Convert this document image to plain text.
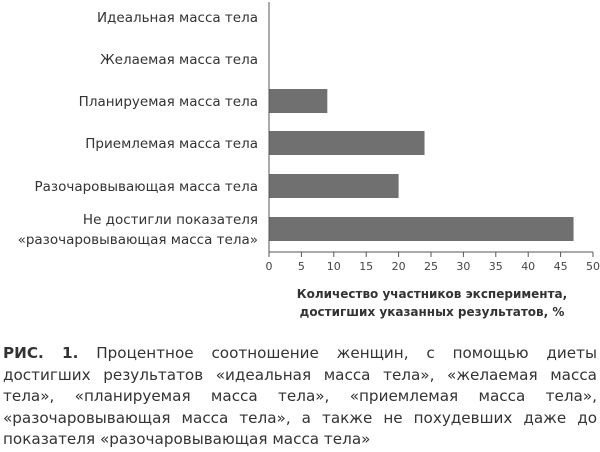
Идеальная масса тела
Желаемая масса тела
Планируемая масса тела
Приемлемая масса тела
Разочаровывающая масса тела
Не достигли показателя
«разочаровывающая масса тела»
0 5 10 15 20 25 30 35 40 45 50
Количество участников эксперимента,
достигших указанных результатов, %
РИС. 1. Процентное соотношение женщин, с помощью диеты достигших результатов «идеальная масса тела», «желаемая масса тела», «планируемая масса тела», «приемлемая масса тела», «разочаровывающая масса тела», а также не похудевших даже до показателя «разочаровывающая масса тела»
